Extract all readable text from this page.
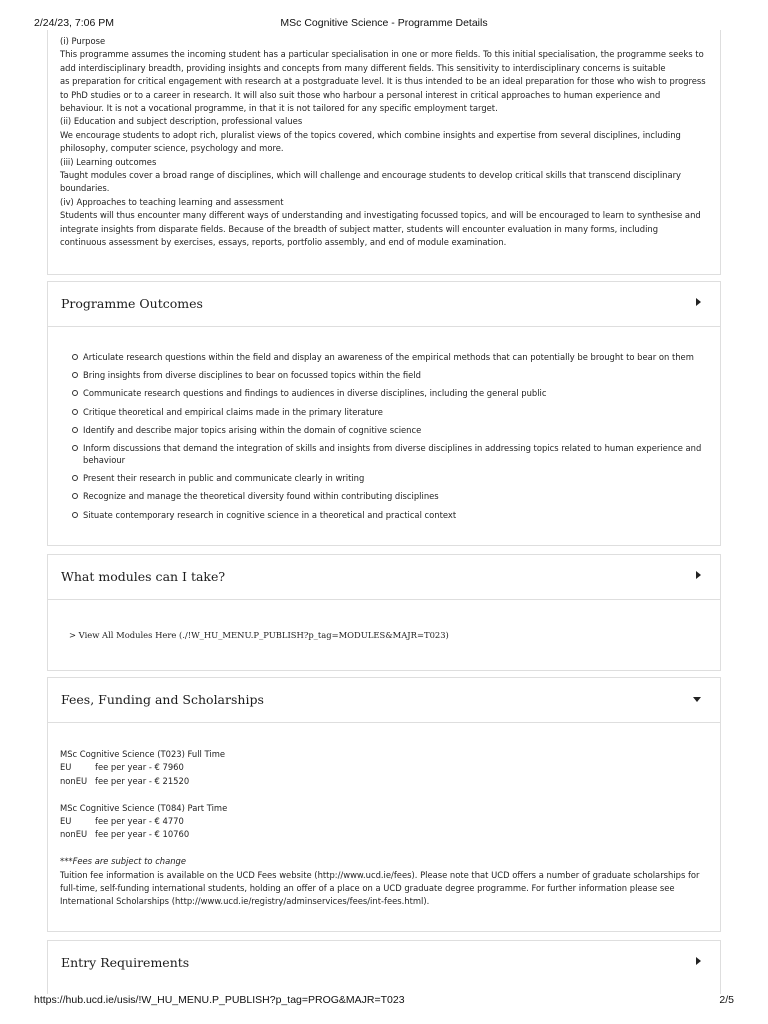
2/24/23, 7:06 PM	MSc Cognitive Science - Programme Details

(i) Purpose

This programme assumes the incoming student has a particular specialisation in one or more fields. To this initial specialisation, the programme seeks to

add interdisciplinary breadth, providing insights and concepts from many different fields. This sensitivity to interdisciplinary concerns is suitable

as preparation for critical engagement with research at a postgraduate level. It is thus intended to be an ideal preparation for those who wish to progress

to PhD studies or to a career in research. It will also suit those who harbour a personal interest in critical approaches to human experience and

behaviour. It is not a vocational programme, in that it is not tailored for any specific employment target.

(ii) Education and subject description, professional values

We encourage students to adopt rich, pluralist views of the topics covered, which combine insights and expertise from several disciplines, including

philosophy, computer science, psychology and more.

(iii) Learning outcomes

Taught modules cover a broad range of disciplines, which will challenge and encourage students to develop critical skills that transcend disciplinary

boundaries.

(iv) Approaches to teaching learning and assessment

Students will thus encounter many different ways of understanding and investigating focussed topics, and will be encouraged to learn to synthesise and

integrate insights from disparate fields. Because of the breadth of subject matter, students will encounter evaluation in many forms, including

continuous assessment by exercises, essays, reports, portfolio assembly, and end of module examination.

Programme Outcomes
Articulate research questions within the field and display an awareness of the empirical methods that can potentially be brought to bear on them
Bring insights from diverse disciplines to bear on focussed topics within the field
Communicate research questions and findings to audiences in diverse disciplines, including the general public
Critique theoretical and empirical claims made in the primary literature
Identify and describe major topics arising within the domain of cognitive science
Inform discussions that demand the integration of skills and insights from diverse disciplines in addressing topics related to human experience and behaviour
Present their research in public and communicate clearly in writing
Recognize and manage the theoretical diversity found within contributing disciplines
Situate contemporary research in cognitive science in a theoretical and practical context
What modules can I take?
> View All Modules Here (./!W_HU_MENU.P_PUBLISH?p_tag=MODULES&MAJR=T023)
Fees, Funding and Scholarships

MSc Cognitive Science (T023) Full Time

EU	fee per year - € 7960
nonEU fee per year - € 21520

MSc Cognitive Science (T084) Part Time

EU	fee per year - € 4770
nonEU fee per year - € 10760

***Fees are subject to change

Tuition fee information is available on the UCD Fees website (http://www.ucd.ie/fees). Please note that UCD offers a number of graduate scholarships for

full-time, self-funding international students, holding an offer of a place on a UCD graduate degree programme. For further information please see

International Scholarships (http://www.ucd.ie/registry/adminservices/fees/int-fees.html).

Entry Requirements
https://hub.ucd.ie/usis/!W_HU_MENU.P_PUBLISH?p_tag=PROG&MAJR=T023	2/5
